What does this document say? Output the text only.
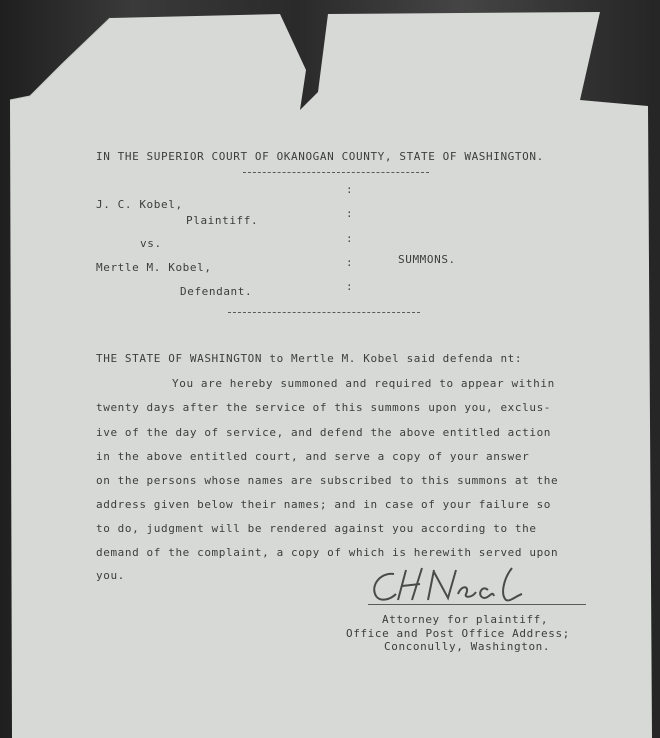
IN THE SUPERIOR COURT OF OKANOGAN COUNTY, STATE OF WASHINGTON.
J. C. Kobel,
Plaintiff.
vs.
Mertle M. Kobel,
Defendant.
SUMMONS.
:
:
:
:
:
THE STATE OF WASHINGTON to Mertle M. Kobel said defenda nt:
You are hereby summoned and required to appear within
twenty days after the service of this summons upon you, exclus-
ive of the day of service, and defend the above entitled action
in the above entitled court, and serve a copy of your answer
on the persons whose names are subscribed to this summons at the
address given below their names; and in case of your failure so
to do, judgment will be rendered against you according to the
demand of the complaint, a copy of which is herewith served upon
you.
Attorney for plaintiff,
Office and Post Office Address;
Conconully, Washington.
